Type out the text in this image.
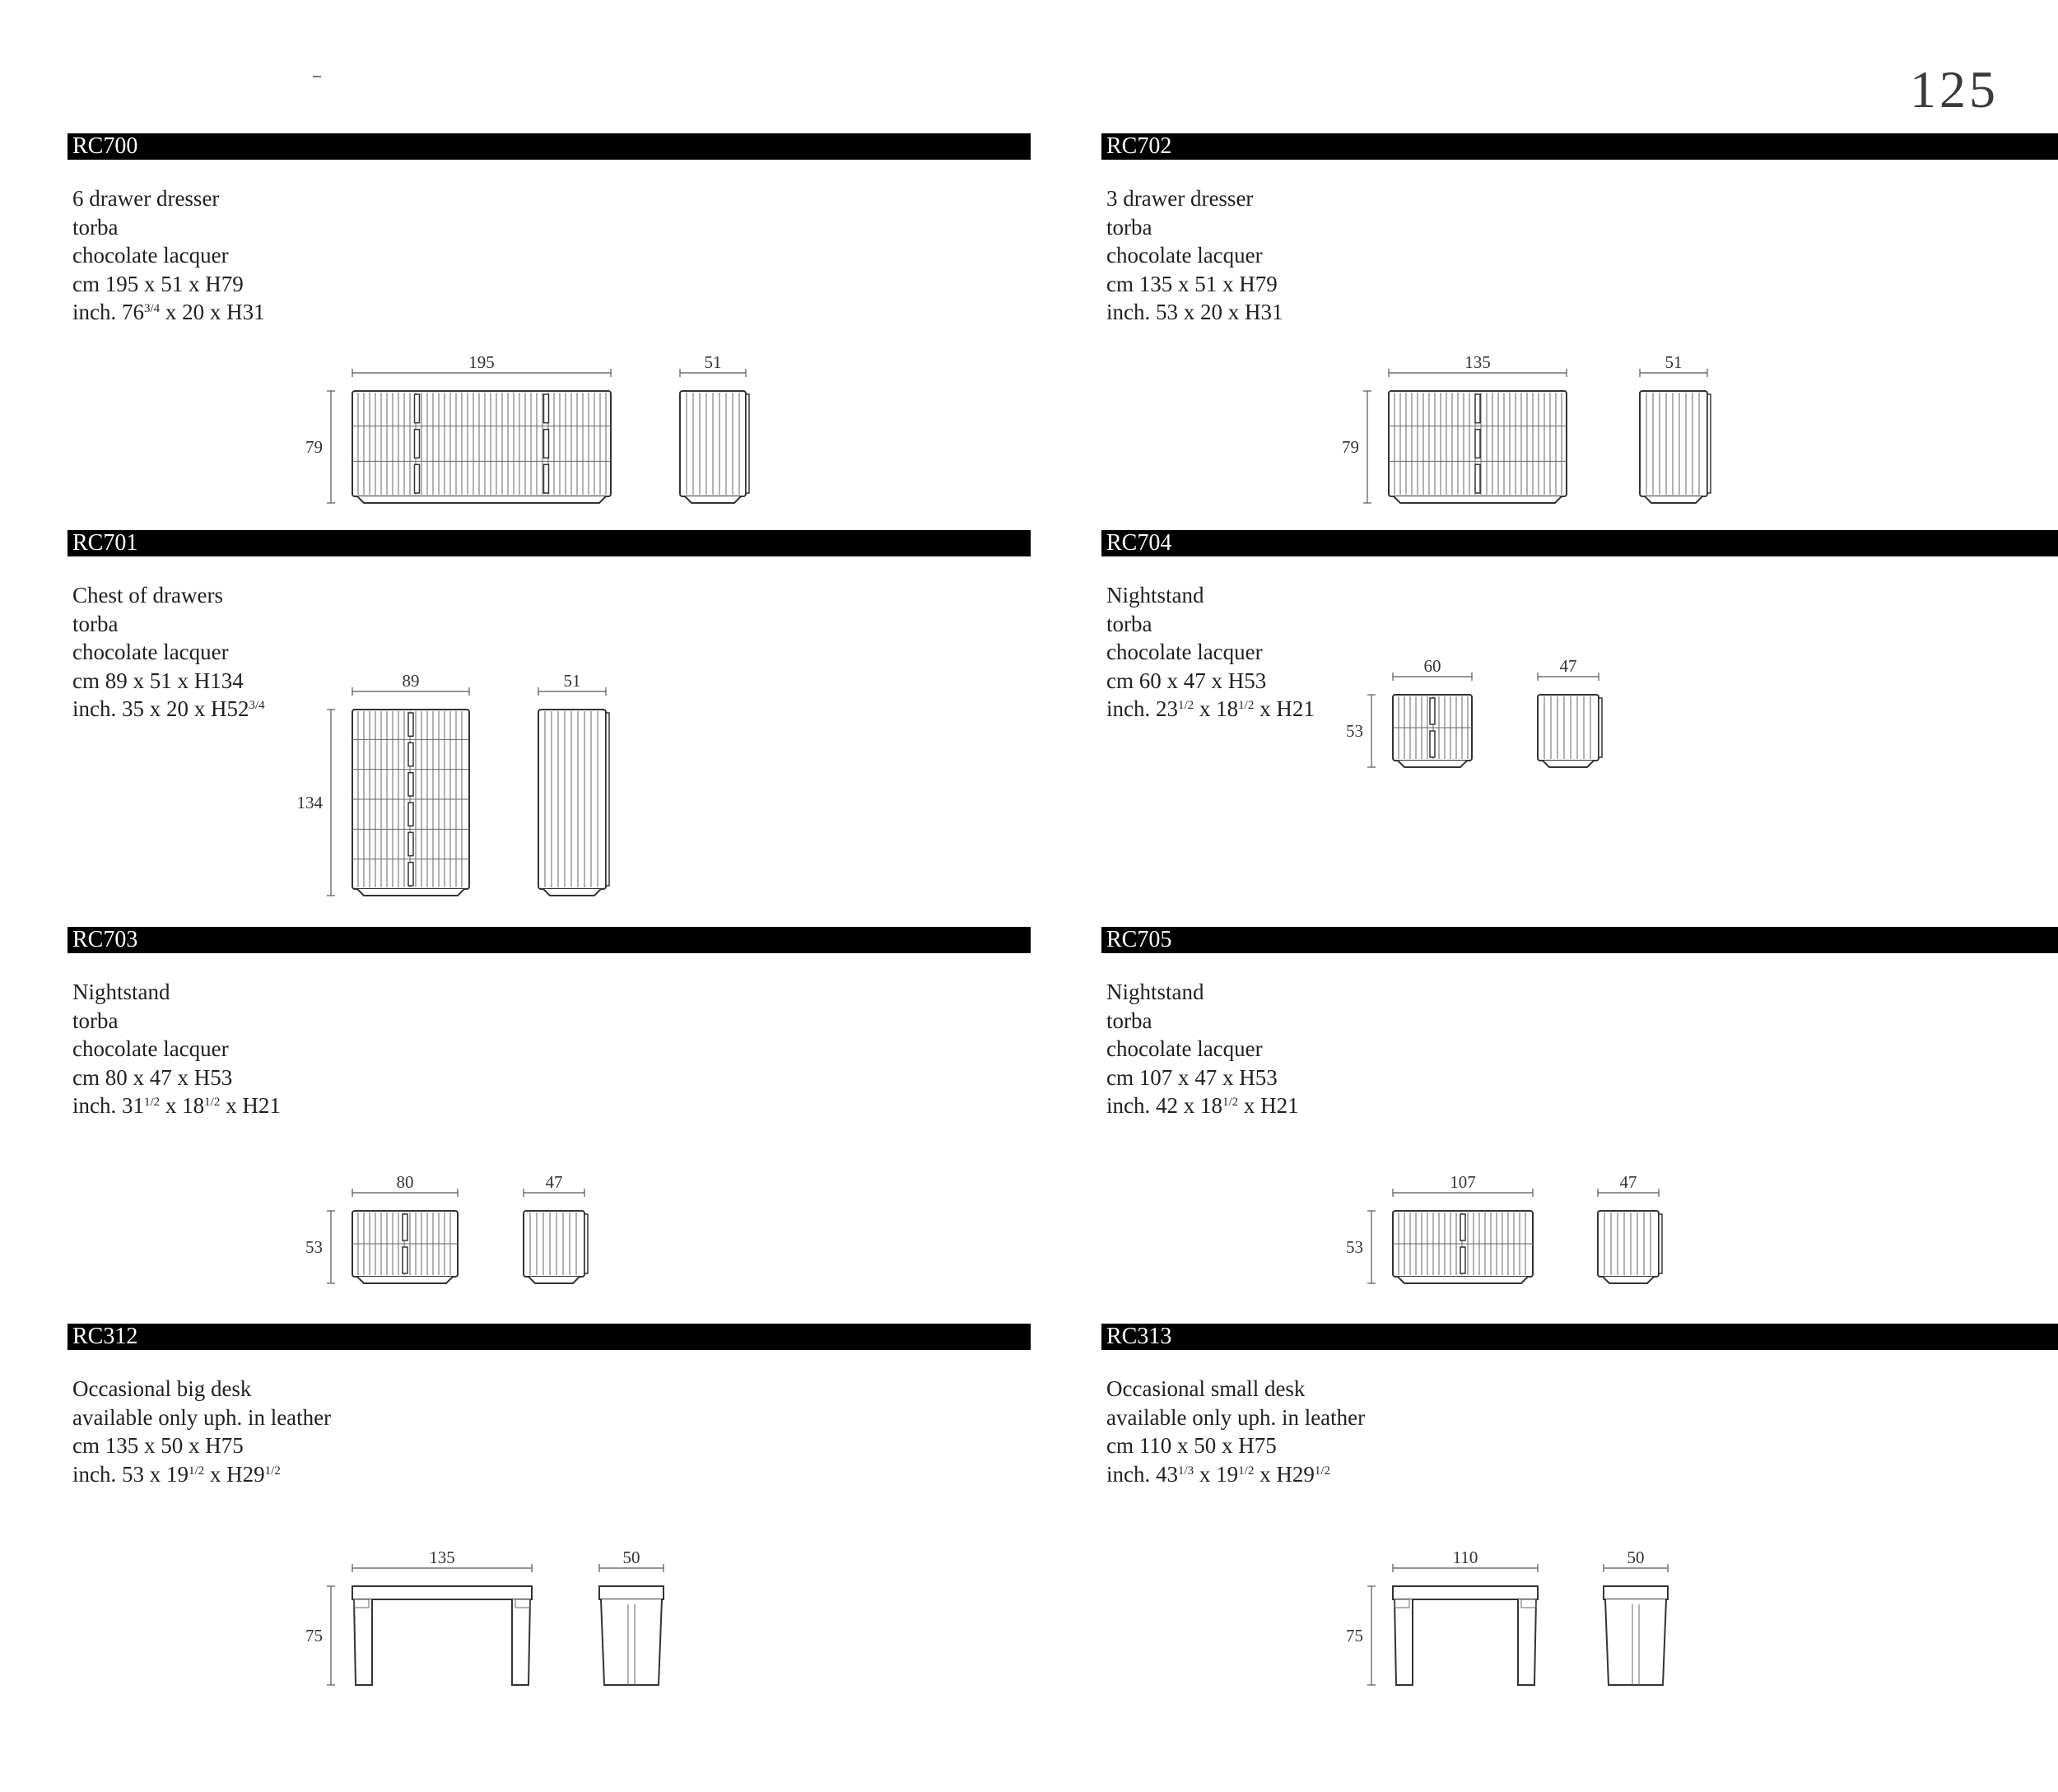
125
RC700
6 drawer dresser
torba
chocolate lacquer
cm 195 x 51 x H79
inch. $76^{3/4}$ x 20 x H31
195	51
79
RC702
3 drawer dresser
torba
chocolate lacquer
cm 135 x 51 x H79
inch. 53 x 20 x H31
135	51
79
RC701
Chest of drawers
torba
chocolate lacquer
cm 89 x 51 x H134
inch. 35 x 20 x $H52^{3/4}$
89	51
134
RC704
Nightstand
torba
chocolate lacquer
cm 60 x 47 x H53
inch. $23^{1/2}$ x $18^{1/2}$ x H21
60	47
53
RC703
Nightstand
torba
chocolate lacquer
cm 80 x 47 x H53
inch. $31^{1/2}$ x $18^{1/2}$ x H21
80	47
53
RC705
Nightstand
torba
chocolate lacquer
cm 107 x 47 x H53
inch. 42 x $18^{1/2}$ x H21
107	47
53
RC312
Occasional big desk
available only uph. in leather
cm 135 x 50 x H75
inch. 53 x $19^{1/2}$ x $H29^{1/2}$
135	50
75
RC313
Occasional small desk
available only uph. in leather
cm 110 x 50 x H75
inch. $43^{1/3}$ x $19^{1/2}$ x $H29^{1/2}$
110	50
75
